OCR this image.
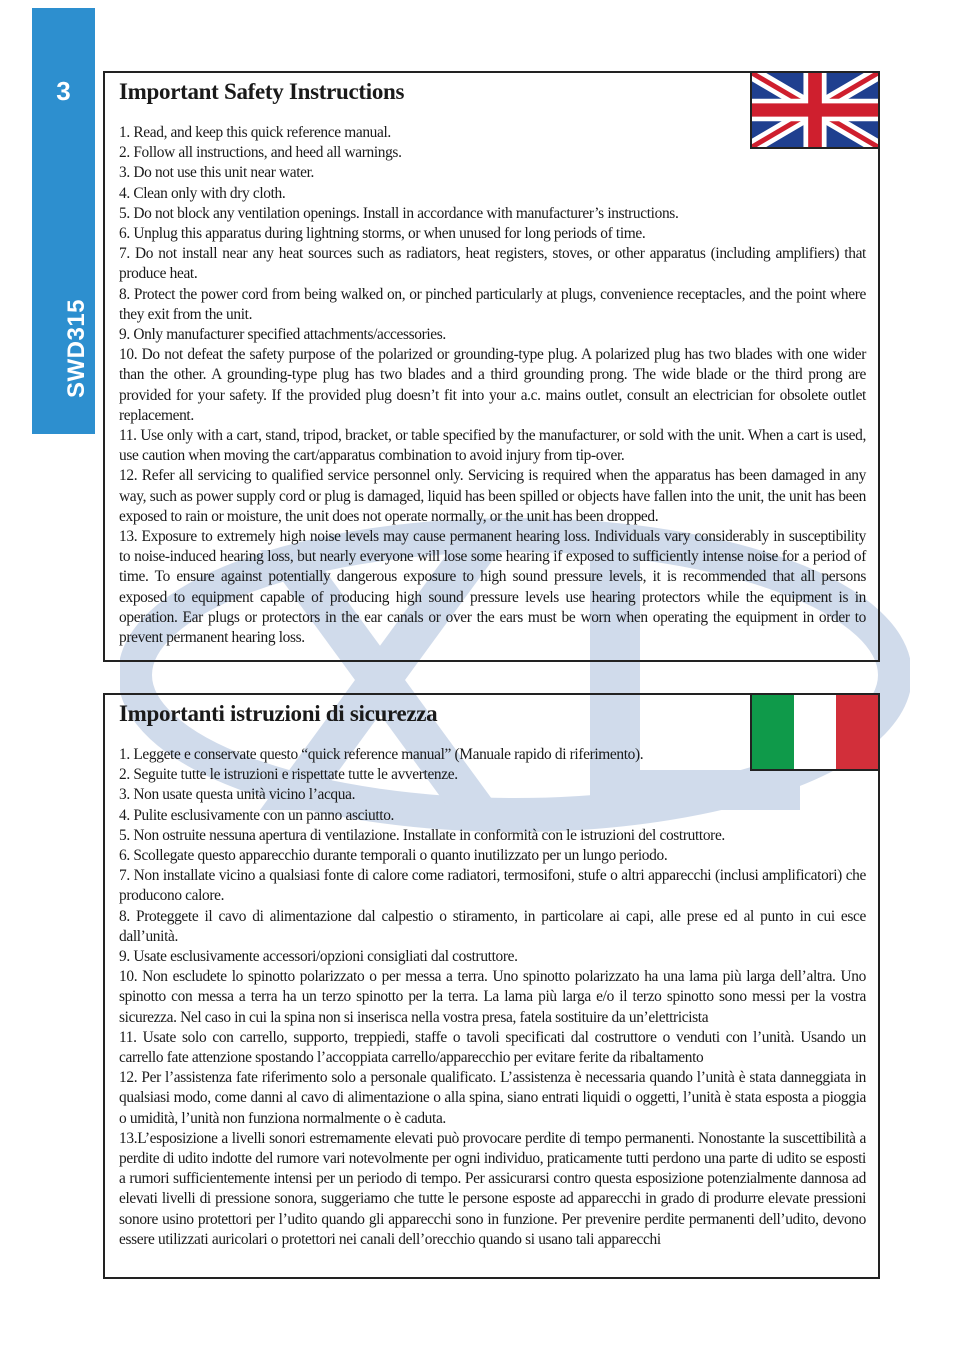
3
SWD315
Important Safety Instructions
1. Read, and keep this quick reference manual.
2. Follow all instructions, and heed all warnings.
3. Do not use this unit near water.
4. Clean only with dry cloth.
5. Do not block any ventilation openings. Install in accordance with manufacturer’s instructions.
6. Unplug this apparatus during lightning storms, or when unused for long periods of time.
7. Do not install near any heat sources such as radiators, heat registers, stoves, or other apparatus (including amplifiers) that produce heat.
8. Protect the power cord from being walked on, or pinched particularly at plugs, convenience receptacles, and the point where they exit from the unit.
9. Only manufacturer specified attachments/accessories.
10. Do not defeat the safety purpose of the polarized or grounding-type plug. A polarized plug has two blades with one wider than the other. A grounding-type plug has two blades and a third grounding prong. The wide blade or the third prong are provided for your safety. If the provided plug doesn’t fit into your a.c. mains outlet, consult an electrician for obsolete outlet replacement.
11. Use only with a cart, stand, tripod, bracket, or table specified by the manufacturer, or sold with the unit. When a cart is used, use caution when moving the cart/apparatus combination to avoid injury from tip-over.
12. Refer all servicing to qualified service personnel only. Servicing is required when the apparatus has been damaged in any way, such as power supply cord or plug is damaged, liquid has been spilled or objects have fallen into the unit, the unit has been exposed to rain or moisture, the unit does not operate normally, or the unit has been dropped.
13. Exposure to extremely high noise levels may cause permanent hearing loss. Individuals vary considerably in susceptibility to noise-induced hearing loss, but nearly everyone will lose some hearing if exposed to sufficiently intense noise for a period of time. To ensure against potentially dangerous exposure to high sound pressure levels, it is recommended that all persons exposed to equipment capable of producing high sound pressure levels use hearing protectors while the equipment is in operation. Ear plugs or protectors in the ear canals or over the ears must be worn when operating the equipment in order to prevent permanent hearing loss.
Importanti istruzioni di sicurezza
1. Leggete e conservate questo “quick reference manual” (Manuale rapido di riferimento).
2. Seguite tutte le istruzioni e rispettate tutte le avvertenze.
3. Non usate questa unità vicino l’acqua.
4. Pulite esclusivamente con un panno asciutto.
5. Non ostruite nessuna apertura di ventilazione. Installate in conformità con le istruzioni del costruttore.
6. Scollegate questo apparecchio durante temporali o quanto inutilizzato per un lungo periodo.
7. Non installate vicino a qualsiasi fonte di calore come radiatori, termosifoni, stufe o altri apparecchi (inclusi amplificatori) che producono calore.
8. Proteggete il cavo di alimentazione dal calpestio o stiramento, in particolare ai capi, alle prese ed al punto in cui esce dall’unità.
9. Usate esclusivamente accessori/opzioni consigliati dal costruttore.
10. Non escludete lo spinotto polarizzato o per messa a terra. Uno spinotto polarizzato ha una lama più larga dell’altra. Uno spinotto con messa a terra ha un terzo spinotto per la terra. La lama più larga e/o il terzo spinotto sono messi per la vostra sicurezza. Nel caso in cui la spina non si inserisca nella vostra presa, fatela sostituire da un’elettricista
11. Usate solo con carrello, supporto, treppiedi, staffe o tavoli specificati dal costruttore o venduti con l’unità. Usando un carrello fate attenzione spostando l’accoppiata carrello/apparecchio per evitare ferite da ribaltamento
12. Per l’assistenza fate riferimento solo a personale qualificato. L’assistenza è necessaria quando l’unità è stata danneggiata in qualsiasi modo, come danni al cavo di alimentazione o alla spina, siano entrati liquidi o oggetti, l’unità è stata esposta a pioggia o umidità, l’unità non funziona normalmente o è caduta.
13.L’esposizione a livelli sonori estremamente elevati può provocare perdite di tempo permanenti. Nonostante la suscettibilità a perdite di udito indotte del rumore vari notevolmente per ogni individuo, praticamente tutti perdono una parte di udito se esposti a rumori sufficientemente intensi per un periodo di tempo. Per assicurarsi contro questa esposizione potenzialmente dannosa ad elevati livelli di pressione sonora, suggeriamo che tutte le persone esposte ad apparecchi in grado di produrre elevate pressioni sonore usino protettori per l’udito quando gli apparecchi sono in funzione. Per prevenire perdite permanenti dell’udito, devono essere utilizzati auricolari o protettori nei canali dell’orecchio quando si usano tali apparecchi
